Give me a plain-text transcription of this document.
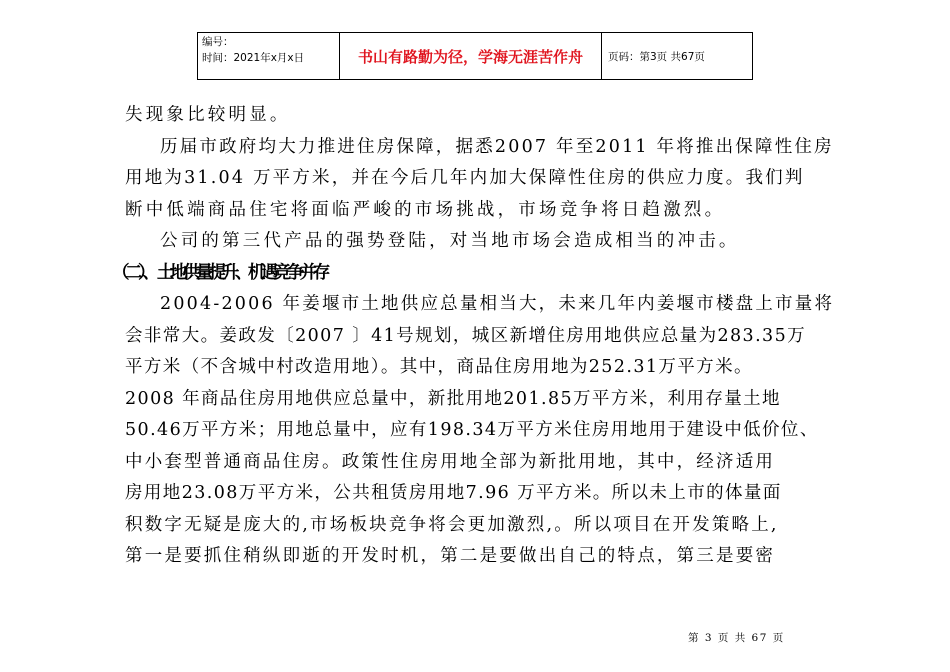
编号：
时间：2021年x月x日	书山有路勤为径，学海无涯苦作舟	页码：第3页 共67页
失现象比较明显。
历届市政府均大力推进住房保障，据悉2007 年至2011 年将推出保障性住房
用地为31.04 万平方米，并在今后几年内加大保障性住房的供应力度。我们判
断中低端商品住宅将面临严峻的市场挑战，市场竞争将日趋激烈。
公司的第三代产品的强势登陆，对当地市场会造成相当的冲击。
（二）、 土地供量提升、机遇竞争并存
2004-2006 年姜堰市土地供应总量相当大，未来几年内姜堰市楼盘上市量将
会非常大。姜政发〔2007 〕41号规划，城区新增住房用地供应总量为283.35万
平方米（不含城中村改造用地）。其中，商品住房用地为252.31万平方米。
2008 年商品住房用地供应总量中，新批用地201.85万平方米，利用存量土地
50.46万平方米；用地总量中，应有198.34万平方米住房用地用于建设中低价位、
中小套型普通商品住房。政策性住房用地全部为新批用地，其中，经济适用
房用地23.08万平方米，公共租赁房用地7.96 万平方米。所以未上市的体量面
积数字无疑是庞大的,市场板块竞争将会更加激烈,。所以项目在开发策略上,
第一是要抓住稍纵即逝的开发时机，第二是要做出自己的特点，第三是要密
第 3 页 共 67 页
